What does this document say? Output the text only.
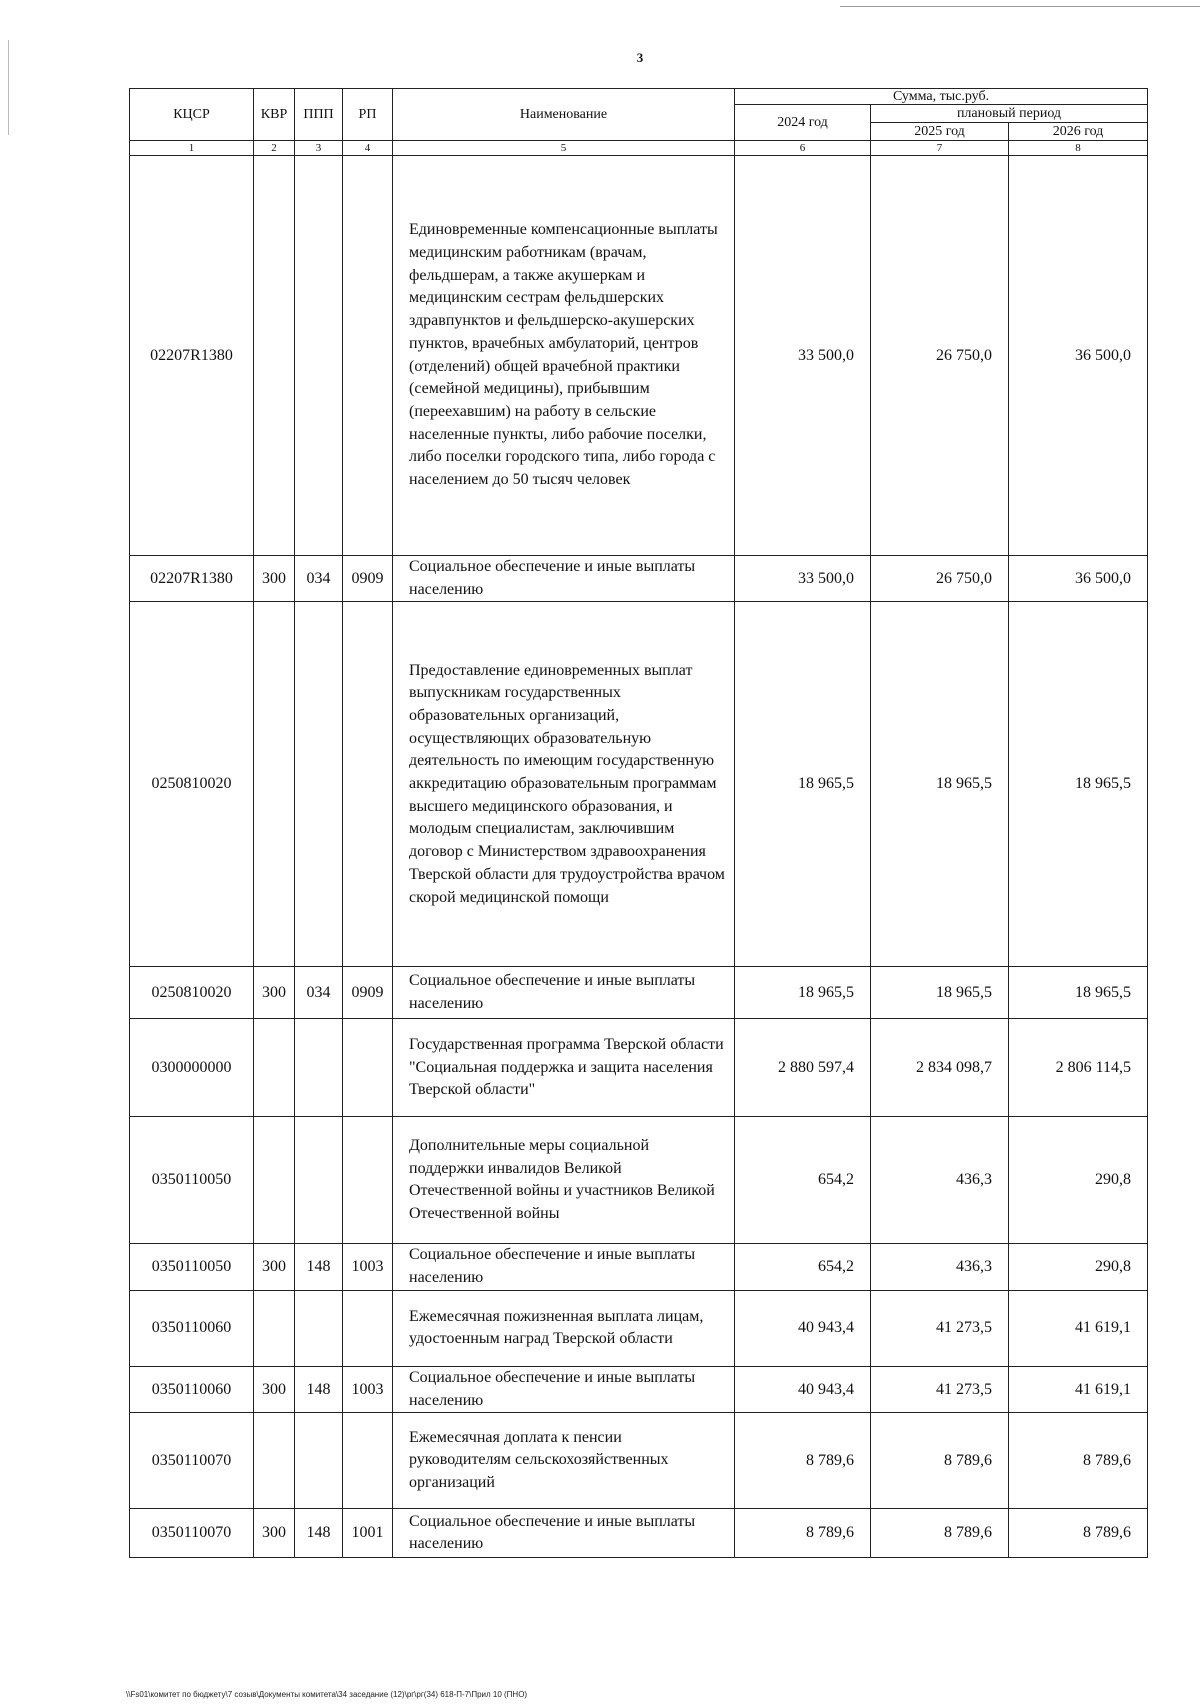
3
КЦСР	КВР	ППП	РП	Наименование	Сумма, тыс.руб.		
					2024 год	плановый период	
						2025 год	2026 год
1	2	3	4	5	6	7	8
02207R1380				Единовременные компенсационные выплаты медицинским работникам (врачам, фельдшерам, а также акушеркам и медицинским сестрам фельдшерских здравпунктов и фельдшерско-акушерских пунктов, врачебных амбулаторий, центров (отделений) общей врачебной практики (семейной медицины), прибывшим (переехавшим) на работу в сельские населенные пункты, либо рабочие поселки, либо поселки городского типа, либо города с населением до 50 тысяч человек	33 500,0	26 750,0	36 500,0
02207R1380	300	034	0909	Социальное обеспечение и иные выплаты населению	33 500,0	26 750,0	36 500,0
0250810020				Предоставление единовременных выплат выпускникам государственных образовательных организаций, осуществляющих образовательную деятельность по имеющим государственную аккредитацию образовательным программам высшего медицинского образования, и молодым специалистам, заключившим договор с Министерством здравоохранения Тверской области для трудоустройства врачом скорой медицинской помощи	18 965,5	18 965,5	18 965,5
0250810020	300	034	0909	Социальное обеспечение и иные выплаты населению	18 965,5	18 965,5	18 965,5
0300000000				Государственная программа Тверской области "Социальная поддержка и защита населения Тверской области"	2 880 597,4	2 834 098,7	2 806 114,5
0350110050				Дополнительные меры социальной поддержки инвалидов Великой Отечественной войны и участников Великой Отечественной войны	654,2	436,3	290,8
0350110050	300	148	1003	Социальное обеспечение и иные выплаты населению	654,2	436,3	290,8
0350110060				Ежемесячная пожизненная выплата лицам, удостоенным наград Тверской области	40 943,4	41 273,5	41 619,1
0350110060	300	148	1003	Социальное обеспечение и иные выплаты населению	40 943,4	41 273,5	41 619,1
0350110070				Ежемесячная доплата к пенсии руководителям сельскохозяйственных организаций	8 789,6	8 789,6	8 789,6
0350110070	300	148	1001	Социальное обеспечение и иные выплаты населению	8 789,6	8 789,6	8 789,6
\\Fs01\комитет по бюджету\7 созыв\Документы комитета\34 заседание (12)\рг\рг(34) 618-П-7\Прил 10 (ПНО)
